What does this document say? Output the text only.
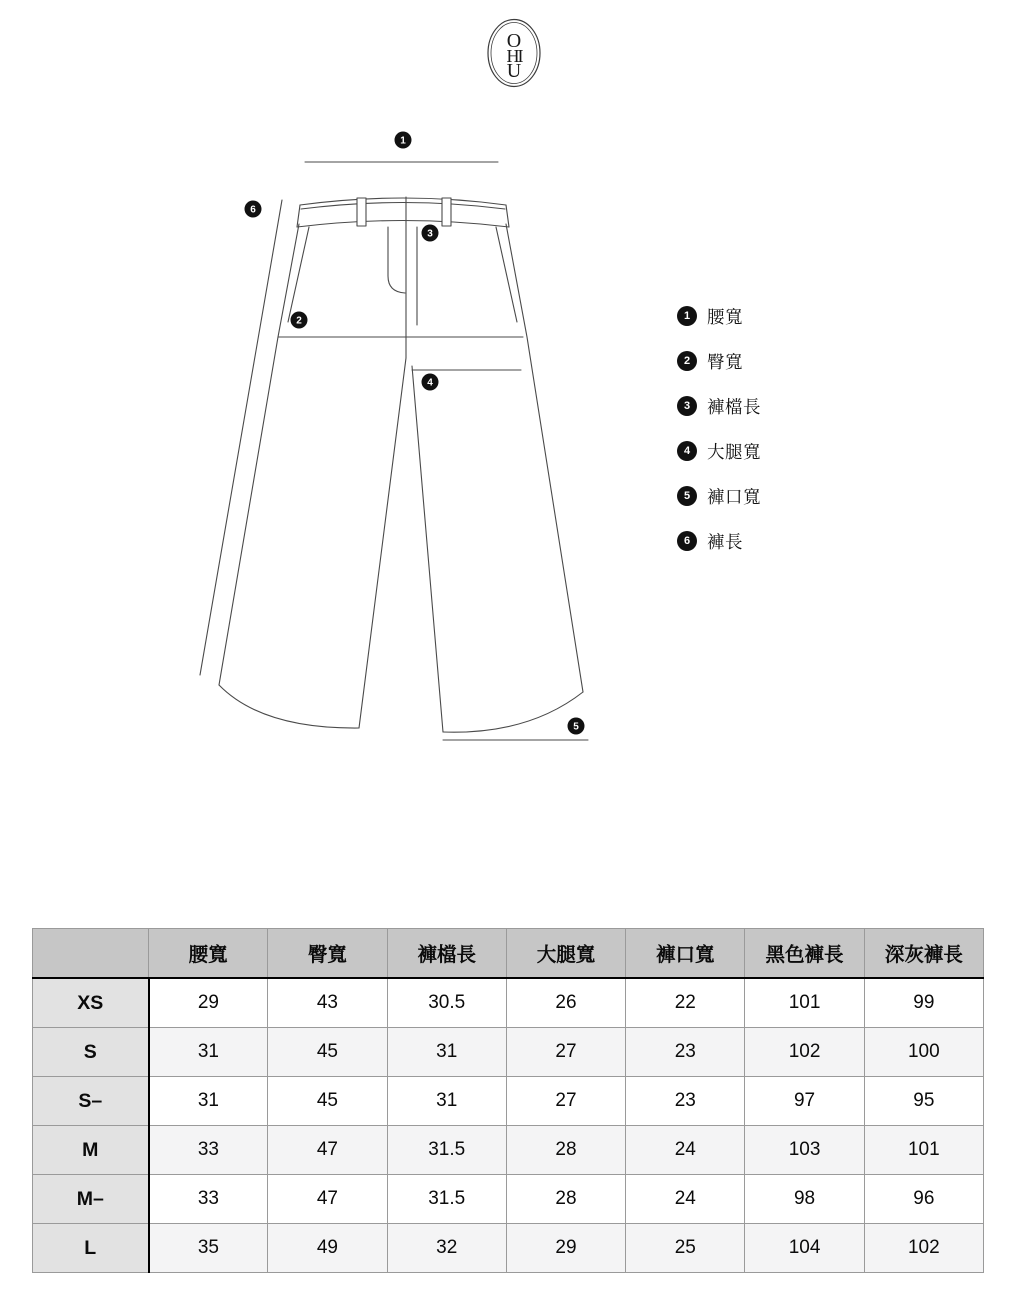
O
HI
U
1
2
3
4
5
6
1 腰寬
2 臀寬
3 褲檔長
4 大腿寬
5 褲口寬
6 褲長
	腰寬	臀寬	褲檔長	大腿寬	褲口寬	黑色褲長	深灰褲長
XS	29	43	30.5	26	22	101	99
S	31	45	31	27	23	102	100
S–	31	45	31	27	23	97	95
M	33	47	31.5	28	24	103	101
M–	33	47	31.5	28	24	98	96
L	35	49	32	29	25	104	102
